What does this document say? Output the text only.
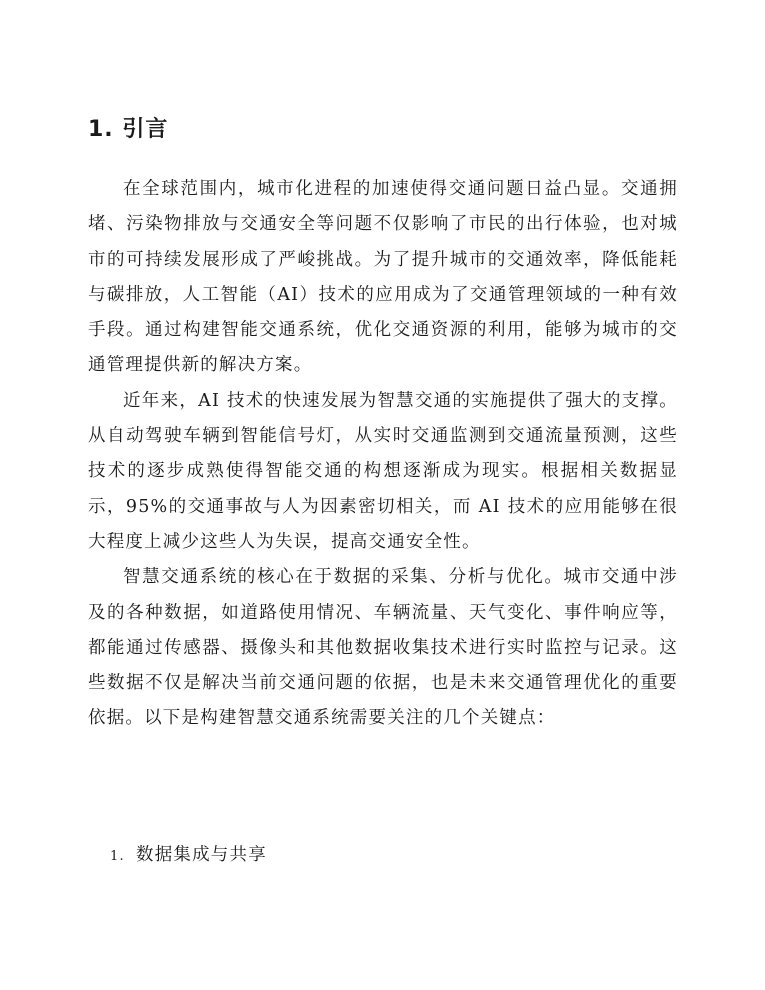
1. 引言

在全球范围内，城市化进程的加速使得交通问题日益凸显。交通拥堵、污染物排放与交通安全等问题不仅影响了市民的出行体验，也对城市的可持续发展形成了严峻挑战。为了提升城市的交通效率，降低能耗与碳排放，人工智能（AI）技术的应用成为了交通管理领域的一种有效手段。通过构建智能交通系统，优化交通资源的利用，能够为城市的交通管理提供新的解决方案。

近年来，AI 技术的快速发展为智慧交通的实施提供了强大的支撑。从自动驾驶车辆到智能信号灯，从实时交通监测到交通流量预测，这些技术的逐步成熟使得智能交通的构想逐渐成为现实。根据相关数据显示，95%的交通事故与人为因素密切相关，而 AI 技术的应用能够在很大程度上减少这些人为失误，提高交通安全性。

智慧交通系统的核心在于数据的采集、分析与优化。城市交通中涉及的各种数据，如道路使用情况、车辆流量、天气变化、事件响应等，都能通过传感器、摄像头和其他数据收集技术进行实时监控与记录。这些数据不仅是解决当前交通问题的依据，也是未来交通管理优化的重要依据。以下是构建智慧交通系统需要关注的几个关键点：

1. 数据集成与共享
